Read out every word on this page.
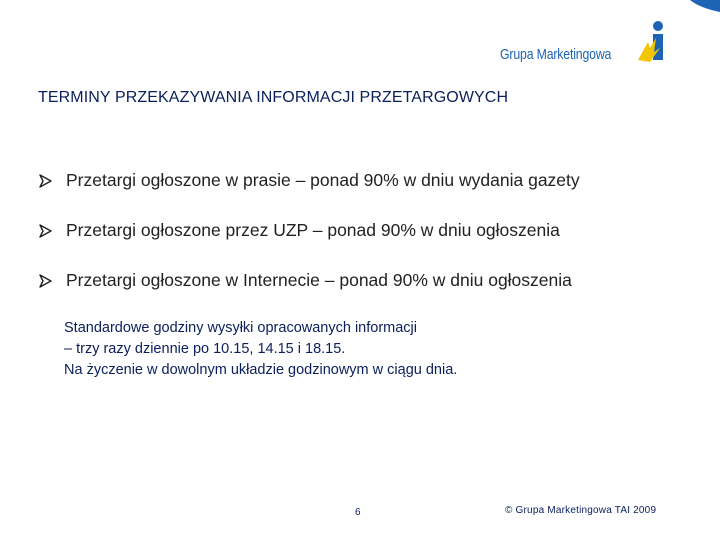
Grupa Marketingowa
TERMINY PRZEKAZYWANIA INFORMACJI PRZETARGOWYCH
Przetargi ogłoszone w prasie – ponad 90% w dniu wydania gazety
Przetargi ogłoszone przez UZP – ponad 90% w dniu ogłoszenia
Przetargi ogłoszone w Internecie – ponad 90% w dniu ogłoszenia
Standardowe godziny wysyłki opracowanych informacji
– trzy razy dziennie po 10.15, 14.15 i 18.15.
Na życzenie w dowolnym układzie godzinowym w ciągu dnia.
6	© Grupa Marketingowa TAI 2009
